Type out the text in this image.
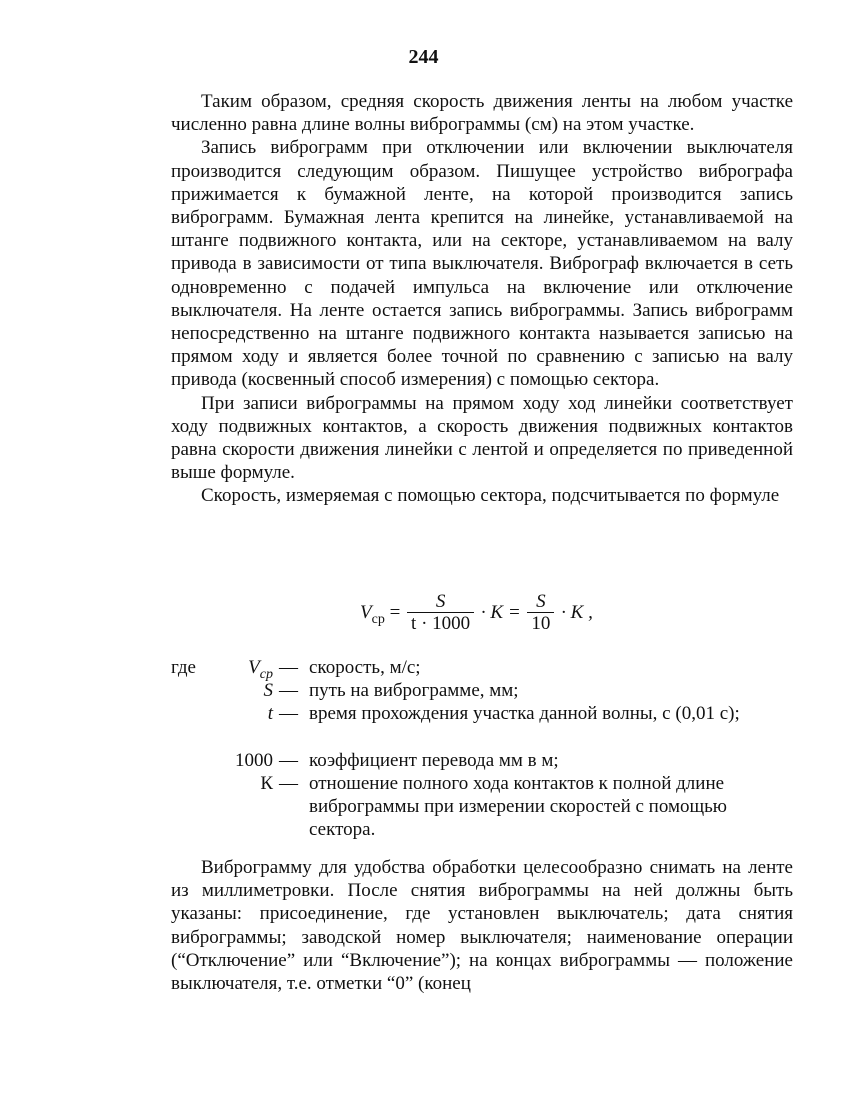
244

Таким образом, средняя скорость движения ленты на любом участке численно равна длине волны виброграммы (см) на этом участке.

Запись виброграмм при отключении или включении выключателя производится следующим образом. Пишущее устройство вибрографа прижимается к бумажной ленте, на которой производится запись виброграмм. Бумажная лента крепится на линейке, устанавливаемой на штанге подвижного контакта, или на секторе, устанавливаемом на валу привода в зависимости от типа выключателя. Виброграф включается в сеть одновременно с подачей импульса на включение или отключение выключателя. На ленте остается запись виброграммы. Запись виброграмм непосредственно на штанге подвижного контакта называется записью на прямом ходу и является более точной по сравнению с записью на валу привода (косвенный способ измерения) с помощью сектора.

При записи виброграммы на прямом ходу ход линейки соответствует ходу подвижных контактов, а скорость движения подвижных контактов равна скорости движения линейки с лентой и определяется по приведенной выше формуле.

Скорость, измеряемая с помощью сектора, подсчитывается по формуле

$V_{ср} = \frac{S}{t \cdot 1000} \cdot K = \frac{S}{10} \cdot K$ ,
где	$V_{ср}$ — скорость, м/с;
S — путь на виброграмме, мм;
t — время прохождения участка данной волны, с (0,01 с);
1000 — коэффициент перевода мм в м;
К — отношение полного хода контактов к полной длине виброграммы при измерении скоростей с помощью сектора.

Виброграмму для удобства обработки целесообразно снимать на ленте из миллиметровки. После снятия виброграммы на ней должны быть указаны: присоединение, где установлен выключатель; дата снятия виброграммы; заводской номер выключателя; наименование операции (“Отключение” или “Включение”); на концах виброграммы — положение выключателя, т.е. отметки “0” (конец
